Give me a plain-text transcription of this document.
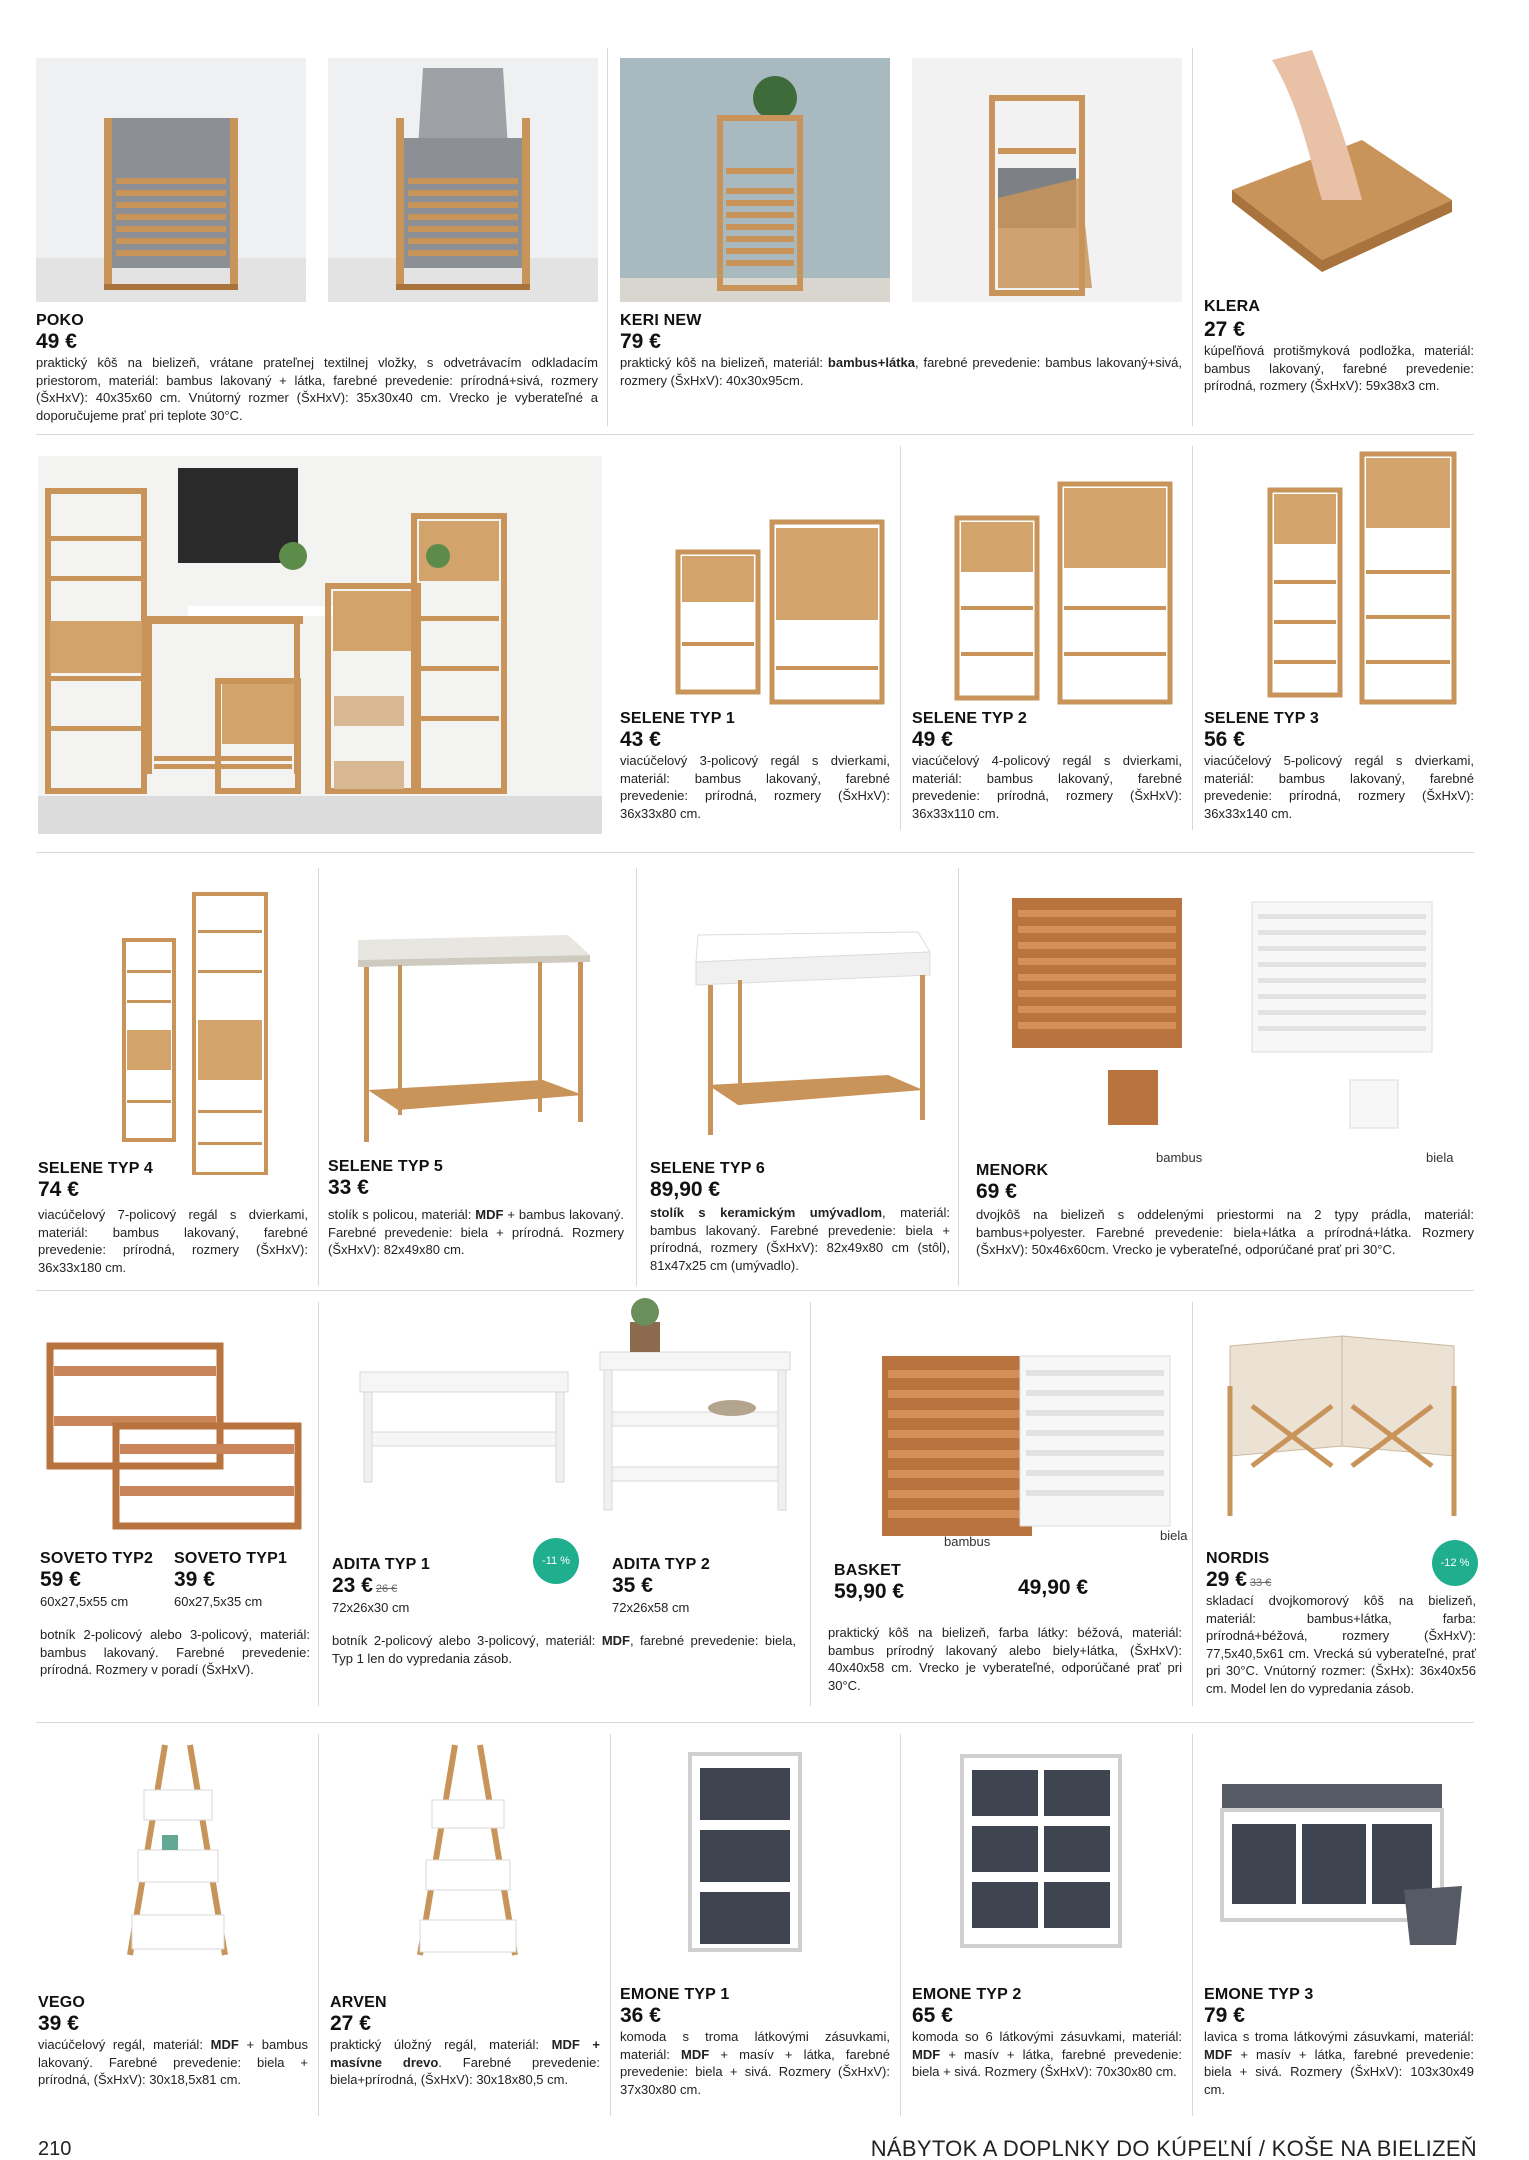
POKO
49 €
praktický kôš na bielizeň, vrátane prateľnej textilnej vložky, s odvetrávacím odkladacím priestorom, materiál: bambus lakovaný + látka, farebné prevedenie: prírodná+sivá, rozmery (ŠxHxV): 40x35x60 cm. Vnútorný rozmer (ŠxHxV): 35x30x40 cm. Vrecko je vyberateľné a doporučujeme prať pri teplote 30°C.
KERI NEW
79 €
praktický kôš na bielizeň, materiál: bambus+látka, farebné prevedenie: bambus lakovaný+sivá, rozmery (ŠxHxV): 40x30x95cm.
KLERA
27 €
kúpeľňová protišmyková podložka, materiál: bambus lakovaný, farebné prevedenie: prírodná, rozmery (ŠxHxV): 59x38x3 cm.
SELENE TYP 1
43 €
viacúčelový 3-policový regál s dvierkami, materiál: bambus lakovaný, farebné prevedenie: prírodná, rozmery (ŠxHxV): 36x33x80 cm.
SELENE TYP 2
49 €
viacúčelový 4-policový regál s dvierkami, materiál: bambus lakovaný, farebné prevedenie: prírodná, rozmery (ŠxHxV): 36x33x110 cm.
SELENE TYP 3
56 €
viacúčelový 5-policový regál s dvierkami, materiál: bambus lakovaný, farebné prevedenie: prírodná, rozmery (ŠxHxV): 36x33x140 cm.
bambus	biela
SELENE TYP 4
74 €
viacúčelový 7-policový regál s dvierkami, materiál: bambus lakovaný, farebné prevedenie: prírodná, rozmery (ŠxHxV): 36x33x180 cm.
SELENE TYP 5
33 €
stolík s policou, materiál: MDF + bambus lakovaný. Farebné prevedenie: biela + prírodná. Rozmery (ŠxHxV): 82x49x80 cm.
SELENE TYP 6
89,90 €
stolík s keramickým umývadlom, materiál: bambus lakovaný. Farebné prevedenie: biela + prírodná, rozmery (ŠxHxV): 82x49x80 cm (stôl), 81x47x25 cm (umývadlo).
MENORK
69 €
dvojkôš na bielizeň s oddelenými priestormi na 2 typy prádla, materiál: bambus+polyester. Farebné prevedenie: biela+látka a prírodná+látka. Rozmery (ŠxHxV): 50x46x60cm. Vrecko je vyberateľné, odporúčané prať pri 30°C.
-11 %
bambus	biela
-12 %
SOVETO TYP2
59 €
60x27,5x55 cm
SOVETO TYP1
39 €
60x27,5x35 cm
botník 2-policový alebo 3-policový, materiál: bambus lakovaný. Farebné prevedenie: prírodná. Rozmery v poradí (ŠxHxV).
ADITA TYP 1
23 € 26 €
72x26x30 cm
ADITA TYP 2
35 €
72x26x58 cm
botník 2-policový alebo 3-policový, materiál: MDF, farebné prevedenie: biela, Typ 1 len do vypredania zásob.
BASKET
59,90 €	49,90 €
praktický kôš na bielizeň, farba látky: béžová, materiál: bambus prírodný lakovaný alebo biely+látka, (ŠxHxV): 40x40x58 cm. Vrecko je vyberateľné, odporúčané prať pri 30°C.
NORDIS
29 € 33 €
skladací dvojkomorový kôš na bielizeň, materiál: bambus+látka, farba: prírodná+béžová, rozmery (ŠxHxV): 77,5x40,5x61 cm. Vrecká sú vyberateľné, prať pri 30°C. Vnútorný rozmer: (ŠxHx): 36x40x56 cm. Model len do vypredania zásob.
VEGO
39 €
viacúčelový regál, materiál: MDF + bambus lakovaný. Farebné prevedenie: biela + prírodná, (ŠxHxV): 30x18,5x81 cm.
ARVEN
27 €
praktický úložný regál, materiál: MDF + masívne drevo. Farebné prevedenie: biela+prírodná, (ŠxHxV): 30x18x80,5 cm.
EMONE TYP 1
36 €
komoda s troma látkovými zásuvkami, materiál: MDF + masív + látka, farebné prevedenie: biela + sivá. Rozmery (ŠxHxV): 37x30x80 cm.
EMONE TYP 2
65 €
komoda so 6 látkovými zásuvkami, materiál: MDF + masív + látka, farebné prevedenie: biela + sivá. Rozmery (ŠxHxV): 70x30x80 cm.
EMONE TYP 3
79 €
lavica s troma látkovými zásuvkami, materiál: MDF + masív + látka, farebné prevedenie: biela + sivá. Rozmery (ŠxHxV): 103x30x49 cm.
210	NÁBYTOK A DOPLNKY DO KÚPEĽNÍ / KOŠE NA BIELIZEŇ
